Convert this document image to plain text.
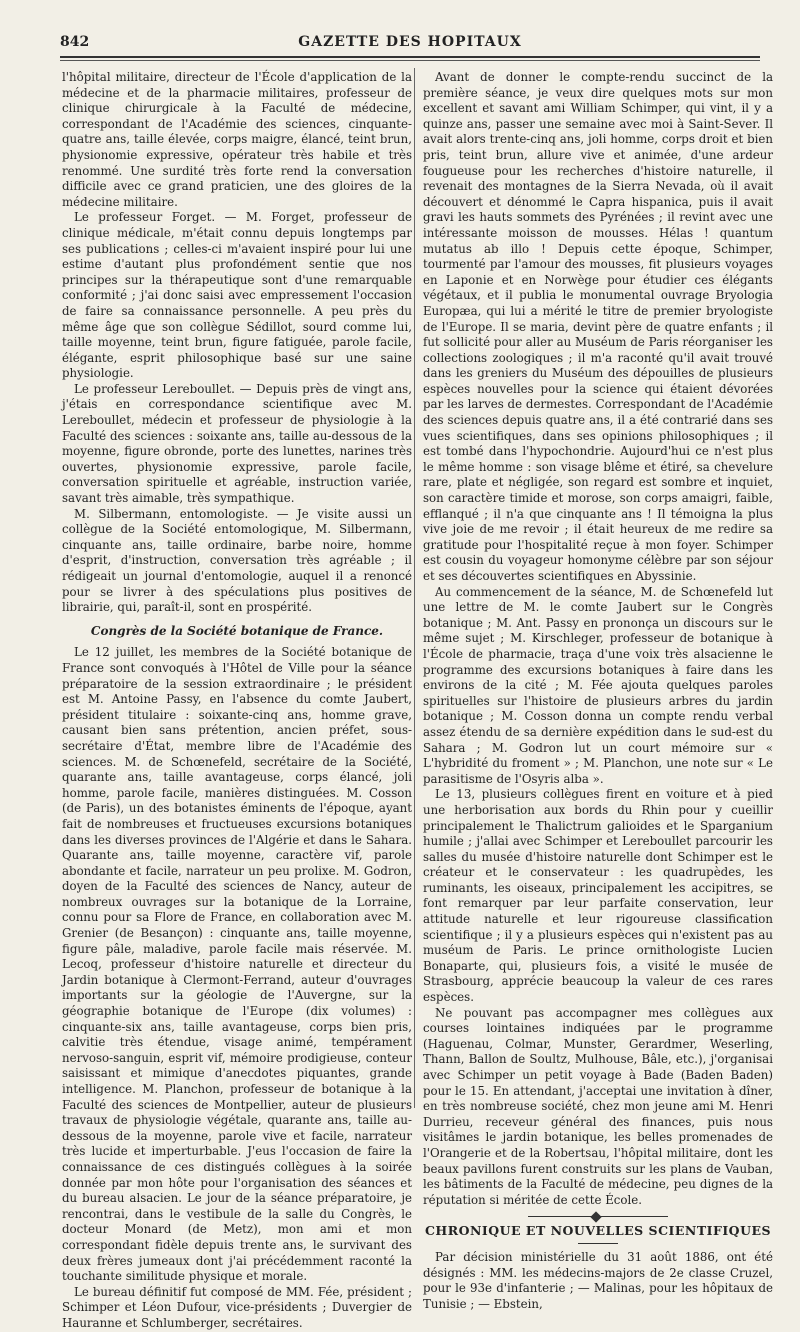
842	GAZETTE DES HOPITAUX

l'hôpital militaire, directeur de l'École d'application de la médecine et de la pharmacie militaires, professeur de clinique chirurgicale à la Faculté de médecine, correspondant de l'Académie des sciences, cinquante-quatre ans, taille élevée, corps maigre, élancé, teint brun, physionomie expressive, opérateur très habile et très renommé. Une surdité très forte rend la conversation difficile avec ce grand praticien, une des gloires de la médecine militaire.

Le professeur Forget. — M. Forget, professeur de clinique médicale, m'était connu depuis longtemps par ses publications ; celles-ci m'avaient inspiré pour lui une estime d'autant plus profondément sentie que nos principes sur la thérapeutique sont d'une remarquable conformité ; j'ai donc saisi avec empressement l'occasion de faire sa connaissance personnelle. A peu près du même âge que son collègue Sédillot, sourd comme lui, taille moyenne, teint brun, figure fatiguée, parole facile, élégante, esprit philosophique basé sur une saine physiologie.

Le professeur Lereboullet. — Depuis près de vingt ans, j'étais en correspondance scientifique avec M. Lereboullet, médecin et professeur de physiologie à la Faculté des sciences : soixante ans, taille au-dessous de la moyenne, figure obronde, porte des lunettes, narines très ouvertes, physionomie expressive, parole facile, conversation spirituelle et agréable, instruction variée, savant très aimable, très sympathique.

M. Silbermann, entomologiste. — Je visite aussi un collègue de la Société entomologique, M. Silbermann, cinquante ans, taille ordinaire, barbe noire, homme d'esprit, d'instruction, conversation très agréable ; il rédigeait un journal d'entomologie, auquel il a renoncé pour se livrer à des spéculations plus positives de librairie, qui, paraît-il, sont en prospérité.

Congrès de la Société botanique de France.

Le 12 juillet, les membres de la Société botanique de France sont convoqués à l'Hôtel de Ville pour la séance préparatoire de la session extraordinaire ; le président est M. Antoine Passy, en l'absence du comte Jaubert, président titulaire : soixante-cinq ans, homme grave, causant bien sans prétention, ancien préfet, sous-secrétaire d'État, membre libre de l'Académie des sciences. M. de Schœnefeld, secrétaire de la Société, quarante ans, taille avantageuse, corps élancé, joli homme, parole facile, manières distinguées. M. Cosson (de Paris), un des botanistes éminents de l'époque, ayant fait de nombreuses et fructueuses excursions botaniques dans les diverses provinces de l'Algérie et dans le Sahara. Quarante ans, taille moyenne, caractère vif, parole abondante et facile, narrateur un peu prolixe. M. Godron, doyen de la Faculté des sciences de Nancy, auteur de nombreux ouvrages sur la botanique de la Lorraine, connu pour sa Flore de France, en collaboration avec M. Grenier (de Besançon) : cinquante ans, taille moyenne, figure pâle, maladive, parole facile mais réservée. M. Lecoq, professeur d'histoire naturelle et directeur du Jardin botanique à Clermont-Ferrand, auteur d'ouvrages importants sur la géologie de l'Auvergne, sur la géographie botanique de l'Europe (dix volumes) : cinquante-six ans, taille avantageuse, corps bien pris, calvitie très étendue, visage animé, tempérament nervoso-sanguin, esprit vif, mémoire prodigieuse, conteur saisissant et mimique d'anecdotes piquantes, grande intelligence. M. Planchon, professeur de botanique à la Faculté des sciences de Montpellier, auteur de plusieurs travaux de physiologie végétale, quarante ans, taille au-dessous de la moyenne, parole vive et facile, narrateur très lucide et imperturbable. J'eus l'occasion de faire la connaissance de ces distingués collègues à la soirée donnée par mon hôte pour l'organisation des séances et du bureau alsacien. Le jour de la séance préparatoire, je rencontrai, dans le vestibule de la salle du Congrès, le docteur Monard (de Metz), mon ami et mon correspondant fidèle depuis trente ans, le survivant des deux frères jumeaux dont j'ai précédemment raconté la touchante similitude physique et morale.

Le bureau définitif fut composé de MM. Fée, président ; Schimper et Léon Dufour, vice-présidents ; Duvergier de Hauranne et Schlumberger, secrétaires.

Avant de donner le compte-rendu succinct de la première séance, je veux dire quelques mots sur mon excellent et savant ami William Schimper, qui vint, il y a quinze ans, passer une semaine avec moi à Saint-Sever. Il avait alors trente-cinq ans, joli homme, corps droit et bien pris, teint brun, allure vive et animée, d'une ardeur fougueuse pour les recherches d'histoire naturelle, il revenait des montagnes de la Sierra Nevada, où il avait découvert et dénommé le Capra hispanica, puis il avait gravi les hauts sommets des Pyrénées ; il revint avec une intéressante moisson de mousses. Hélas ! quantum mutatus ab illo ! Depuis cette époque, Schimper, tourmenté par l'amour des mousses, fit plusieurs voyages en Laponie et en Norwège pour étudier ces élégants végétaux, et il publia le monumental ouvrage Bryologia Europæa, qui lui a mérité le titre de premier bryologiste de l'Europe. Il se maria, devint père de quatre enfants ; il fut sollicité pour aller au Muséum de Paris réorganiser les collections zoologiques ; il m'a raconté qu'il avait trouvé dans les greniers du Muséum des dépouilles de plusieurs espèces nouvelles pour la science qui étaient dévorées par les larves de dermestes. Correspondant de l'Académie des sciences depuis quatre ans, il a été contrarié dans ses vues scientifiques, dans ses opinions philosophiques ; il est tombé dans l'hypochondrie. Aujourd'hui ce n'est plus le même homme : son visage blême et étiré, sa chevelure rare, plate et négligée, son regard est sombre et inquiet, son caractère timide et morose, son corps amaigri, faible, efflanqué ; il n'a que cinquante ans ! Il témoigna la plus vive joie de me revoir ; il était heureux de me redire sa gratitude pour l'hospitalité reçue à mon foyer. Schimper est cousin du voyageur homonyme célèbre par son séjour et ses découvertes scientifiques en Abyssinie.

Au commencement de la séance, M. de Schœnefeld lut une lettre de M. le comte Jaubert sur le Congrès botanique ; M. Ant. Passy en prononça un discours sur le même sujet ; M. Kirschleger, professeur de botanique à l'École de pharmacie, traça d'une voix très alsacienne le programme des excursions botaniques à faire dans les environs de la cité ; M. Fée ajouta quelques paroles spirituelles sur l'histoire de plusieurs arbres du jardin botanique ; M. Cosson donna un compte rendu verbal assez étendu de sa dernière expédition dans le sud-est du Sahara ; M. Godron lut un court mémoire sur « L'hybridité du froment » ; M. Planchon, une note sur « Le parasitisme de l'Osyris alba ».

Le 13, plusieurs collègues firent en voiture et à pied une herborisation aux bords du Rhin pour y cueillir principalement le Thalictrum galioides et le Sparganium humile ; j'allai avec Schimper et Lereboullet parcourir les salles du musée d'histoire naturelle dont Schimper est le créateur et le conservateur : les quadrupèdes, les ruminants, les oiseaux, principalement les accipitres, se font remarquer par leur parfaite conservation, leur attitude naturelle et leur rigoureuse classification scientifique ; il y a plusieurs espèces qui n'existent pas au muséum de Paris. Le prince ornithologiste Lucien Bonaparte, qui, plusieurs fois, a visité le musée de Strasbourg, apprécie beaucoup la valeur de ces rares espèces.

Ne pouvant pas accompagner mes collègues aux courses lointaines indiquées par le programme (Haguenau, Colmar, Munster, Gerardmer, Weserling, Thann, Ballon de Soultz, Mulhouse, Bâle, etc.), j'organisai avec Schimper un petit voyage à Bade (Baden Baden) pour le 15. En attendant, j'acceptai une invitation à dîner, en très nombreuse société, chez mon jeune ami M. Henri Durrieu, receveur général des finances, puis nous visitâmes le jardin botanique, les belles promenades de l'Orangerie et de la Robertsau, l'hôpital militaire, dont les beaux pavillons furent construits sur les plans de Vauban, les bâtiments de la Faculté de médecine, peu dignes de la réputation si méritée de cette École.

CHRONIQUE ET NOUVELLES SCIENTIFIQUES

Par décision ministérielle du 31 août 1886, ont été désignés : MM. les médecins-majors de 2e classe Cruzel, pour le 93e d'infanterie ; — Malinas, pour les hôpitaux de Tunisie ; — Ebstein,
